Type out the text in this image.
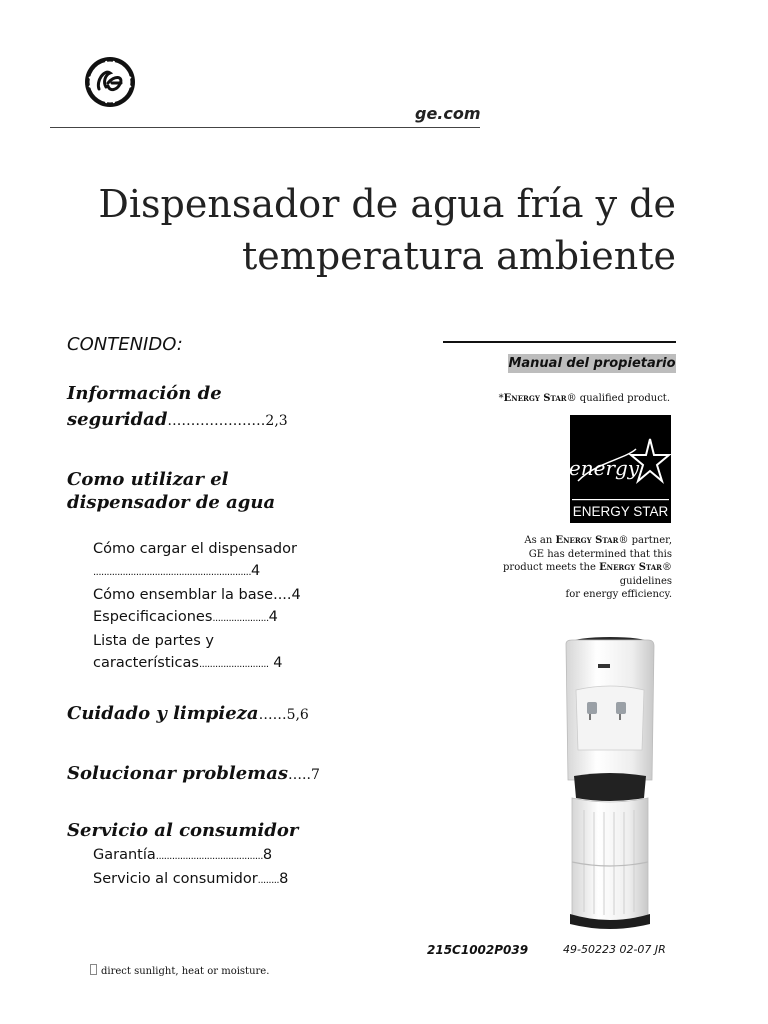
ge.com
Dispensador de agua fría y de
temperatura ambiente
CONTENIDO:
Información de
seguridad…………………2,3
Como utilizar el
dispensador de agua
Cómo cargar el dispensador
...........................................................4
Cómo ensemblar la base....4
Especificaciones.....................4
Lista de partes y
características.......................... 4
Cuidado y limpieza……5,6
Solucionar problemas…..7
Servicio al consumidor
Garantía........................................8
Servicio al consumidor........8
Manual del propietario
*Energy Star® qualified product.
energy
ENERGY STAR
As an Energy Star® partner,
GE has determined that this
product meets the Energy Star®
guidelines
for energy efficiency.
215C1002P039	49-50223 02-07 JR
direct sunlight, heat or moisture.
